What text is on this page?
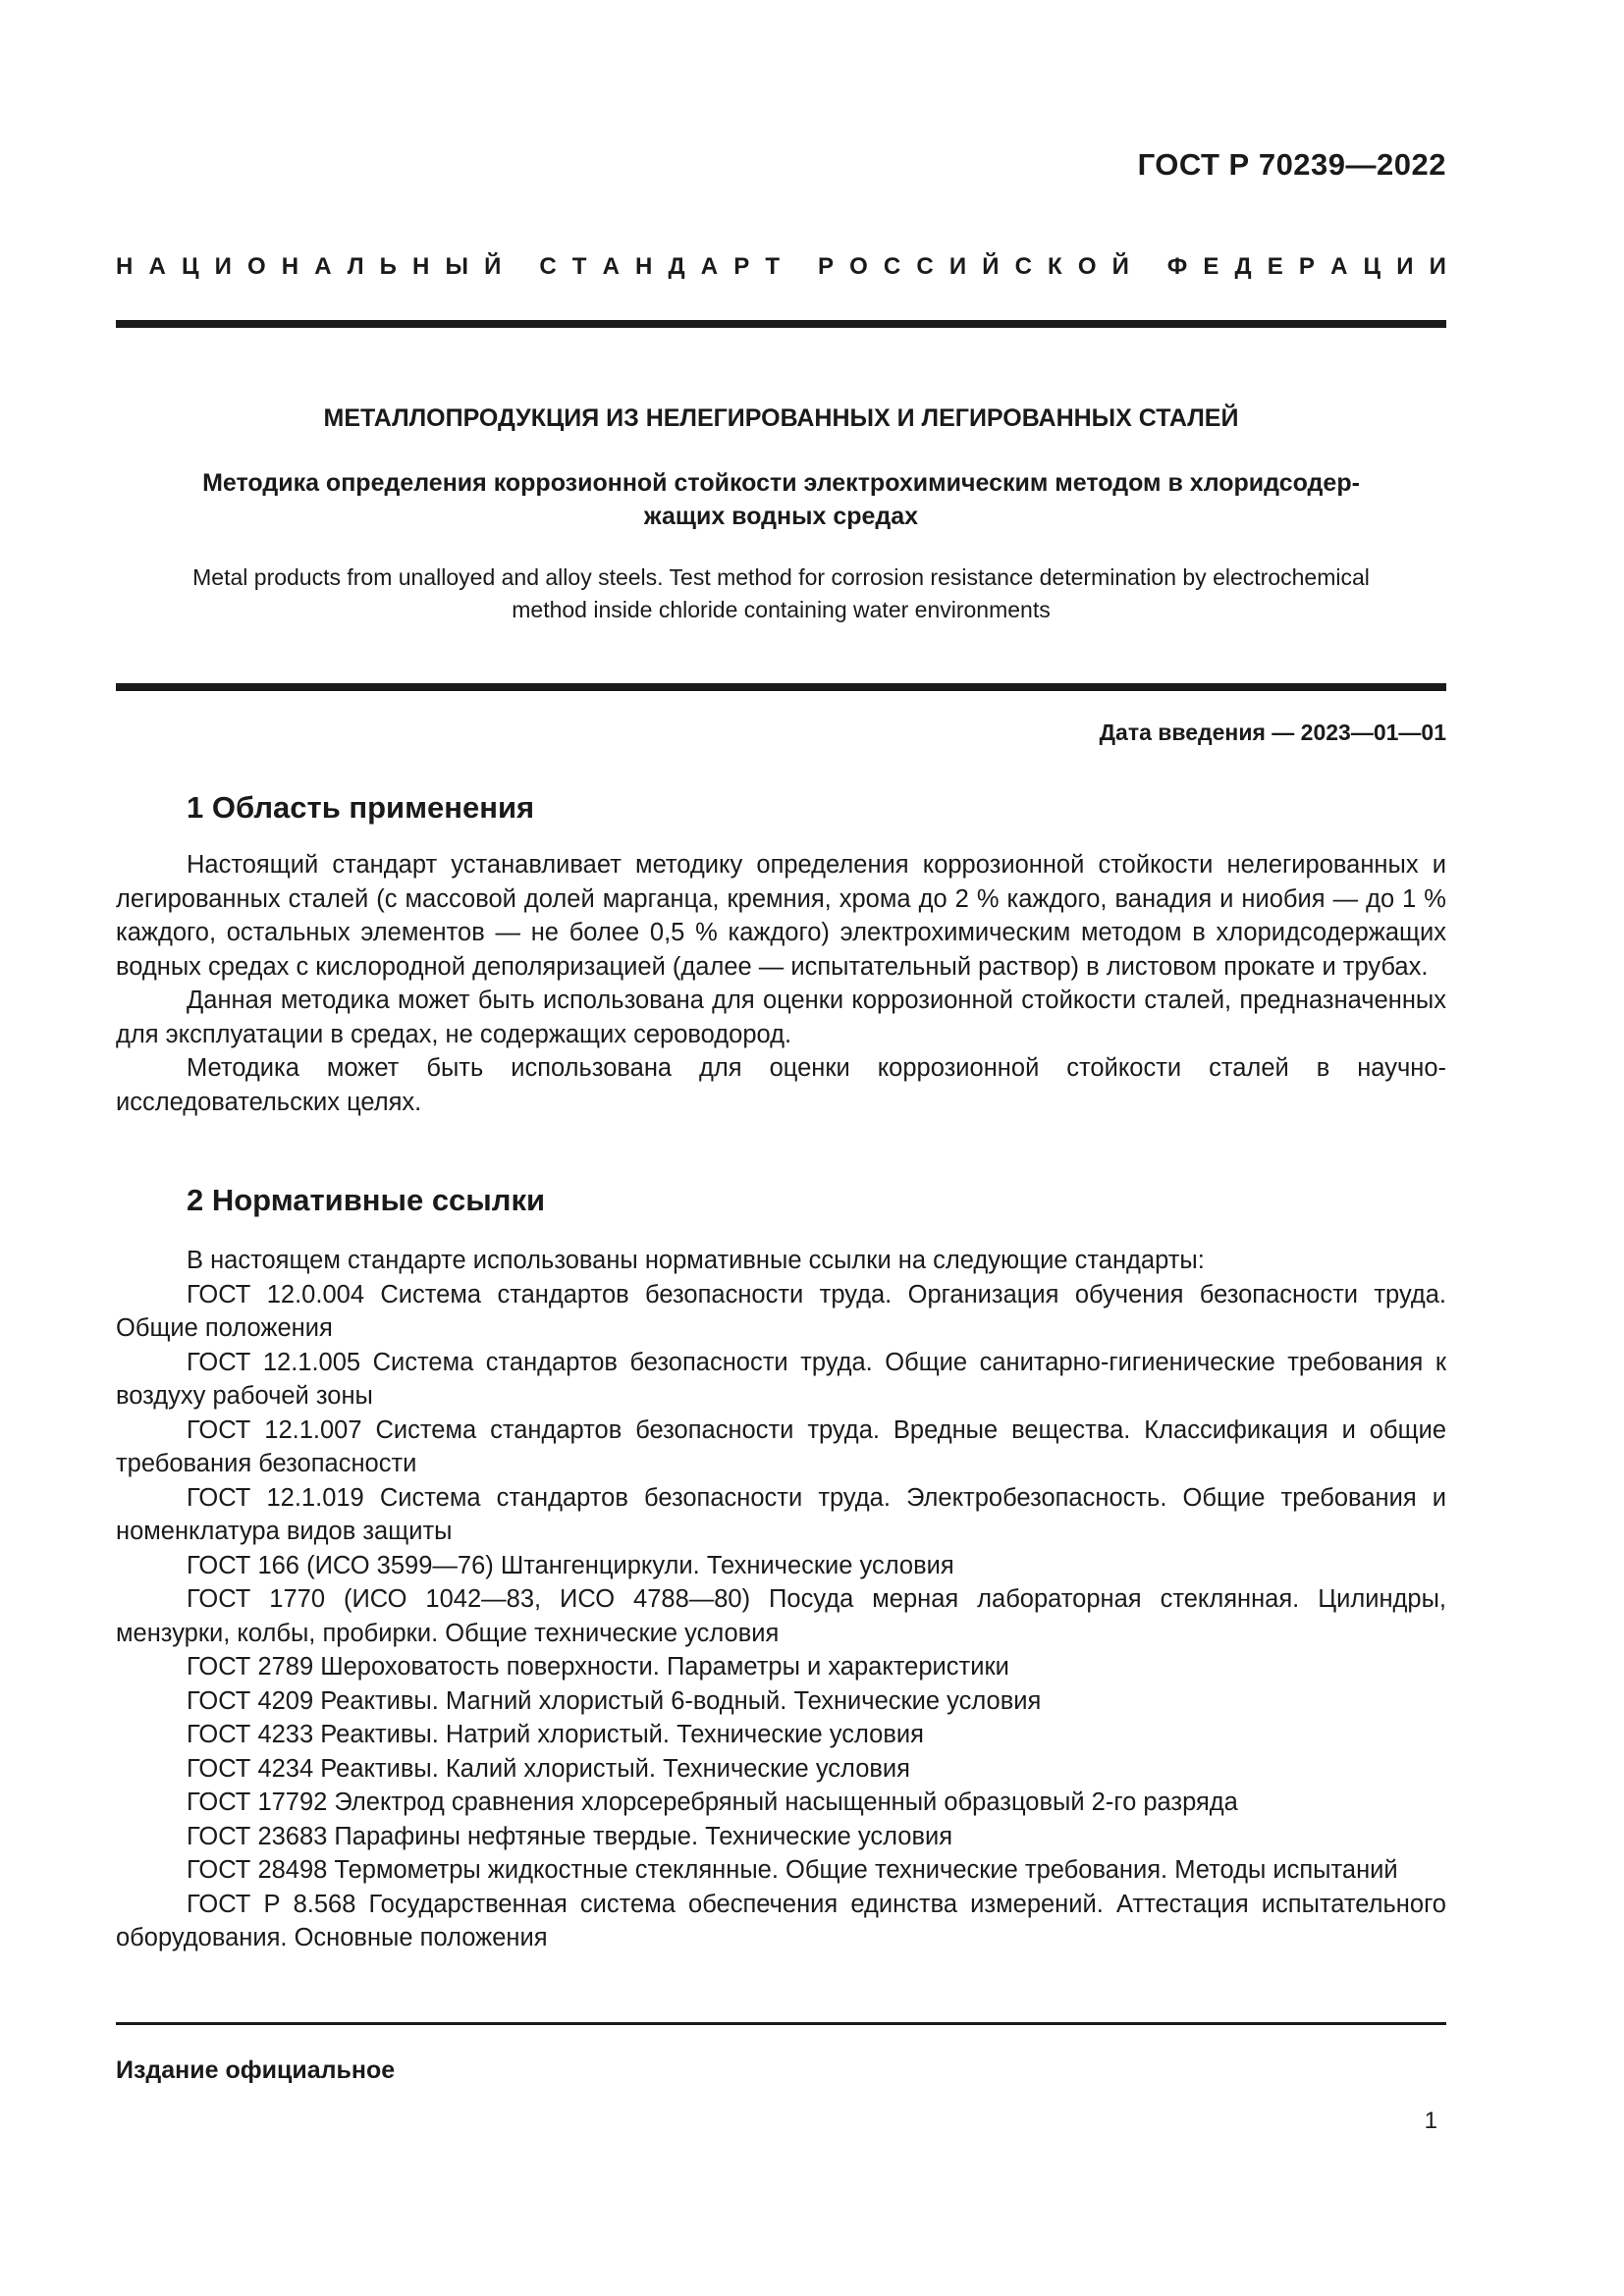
ГОСТ Р 70239—2022
Н А Ц И О Н А Л Ь Н Ы Й
С Т А Н Д А Р Т
Р О С С И Й С К О Й
Ф Е Д Е Р А Ц И И
МЕТАЛЛОПРОДУКЦИЯ ИЗ НЕЛЕГИРОВАННЫХ И ЛЕГИРОВАННЫХ СТАЛЕЙ
Методика определения коррозионной стойкости электрохимическим методом в хлоридсодер-
жащих водных средах
Metal products from unalloyed and alloy steels. Test method for corrosion resistance determination by electrochemical
method inside chloride containing water environments
Дата введения — 2023—01—01
1 Область применения

Настоящий стандарт устанавливает методику определения коррозионной стойкости нелегированных и легированных сталей (с массовой долей марганца, кремния, хрома до 2 % каждого, ванадия и ниобия — до 1 % каждого, остальных элементов — не более 0,5 % каждого) электрохимическим методом в хлоридсодержащих водных средах с кислородной деполяризацией (далее — испытательный раствор) в листовом прокате и трубах.

Данная методика может быть использована для оценки коррозионной стойкости сталей, предназначенных для эксплуатации в средах, не содержащих сероводород.

Методика может быть использована для оценки коррозионной стойкости сталей в научно-исследовательских целях.

2 Нормативные ссылки

В настоящем стандарте использованы нормативные ссылки на следующие стандарты:

ГОСТ 12.0.004 Система стандартов безопасности труда. Организация обучения безопасности труда. Общие положения

ГОСТ 12.1.005 Система стандартов безопасности труда. Общие санитарно-гигиенические требования к воздуху рабочей зоны

ГОСТ 12.1.007 Система стандартов безопасности труда. Вредные вещества. Классификация и общие требования безопасности

ГОСТ 12.1.019 Система стандартов безопасности труда. Электробезопасность. Общие требования и номенклатура видов защиты

ГОСТ 166 (ИСО 3599—76) Штангенциркули. Технические условия

ГОСТ 1770 (ИСО 1042—83, ИСО 4788—80) Посуда мерная лабораторная стеклянная. Цилиндры, мензурки, колбы, пробирки. Общие технические условия

ГОСТ 2789 Шероховатость поверхности. Параметры и характеристики

ГОСТ 4209 Реактивы. Магний хлористый 6-водный. Технические условия

ГОСТ 4233 Реактивы. Натрий хлористый. Технические условия

ГОСТ 4234 Реактивы. Калий хлористый. Технические условия

ГОСТ 17792 Электрод сравнения хлорсеребряный насыщенный образцовый 2-го разряда

ГОСТ 23683 Парафины нефтяные твердые. Технические условия

ГОСТ 28498 Термометры жидкостные стеклянные. Общие технические требования. Методы испытаний

ГОСТ Р 8.568 Государственная система обеспечения единства измерений. Аттестация испытательного оборудования. Основные положения

Издание официальное
1
